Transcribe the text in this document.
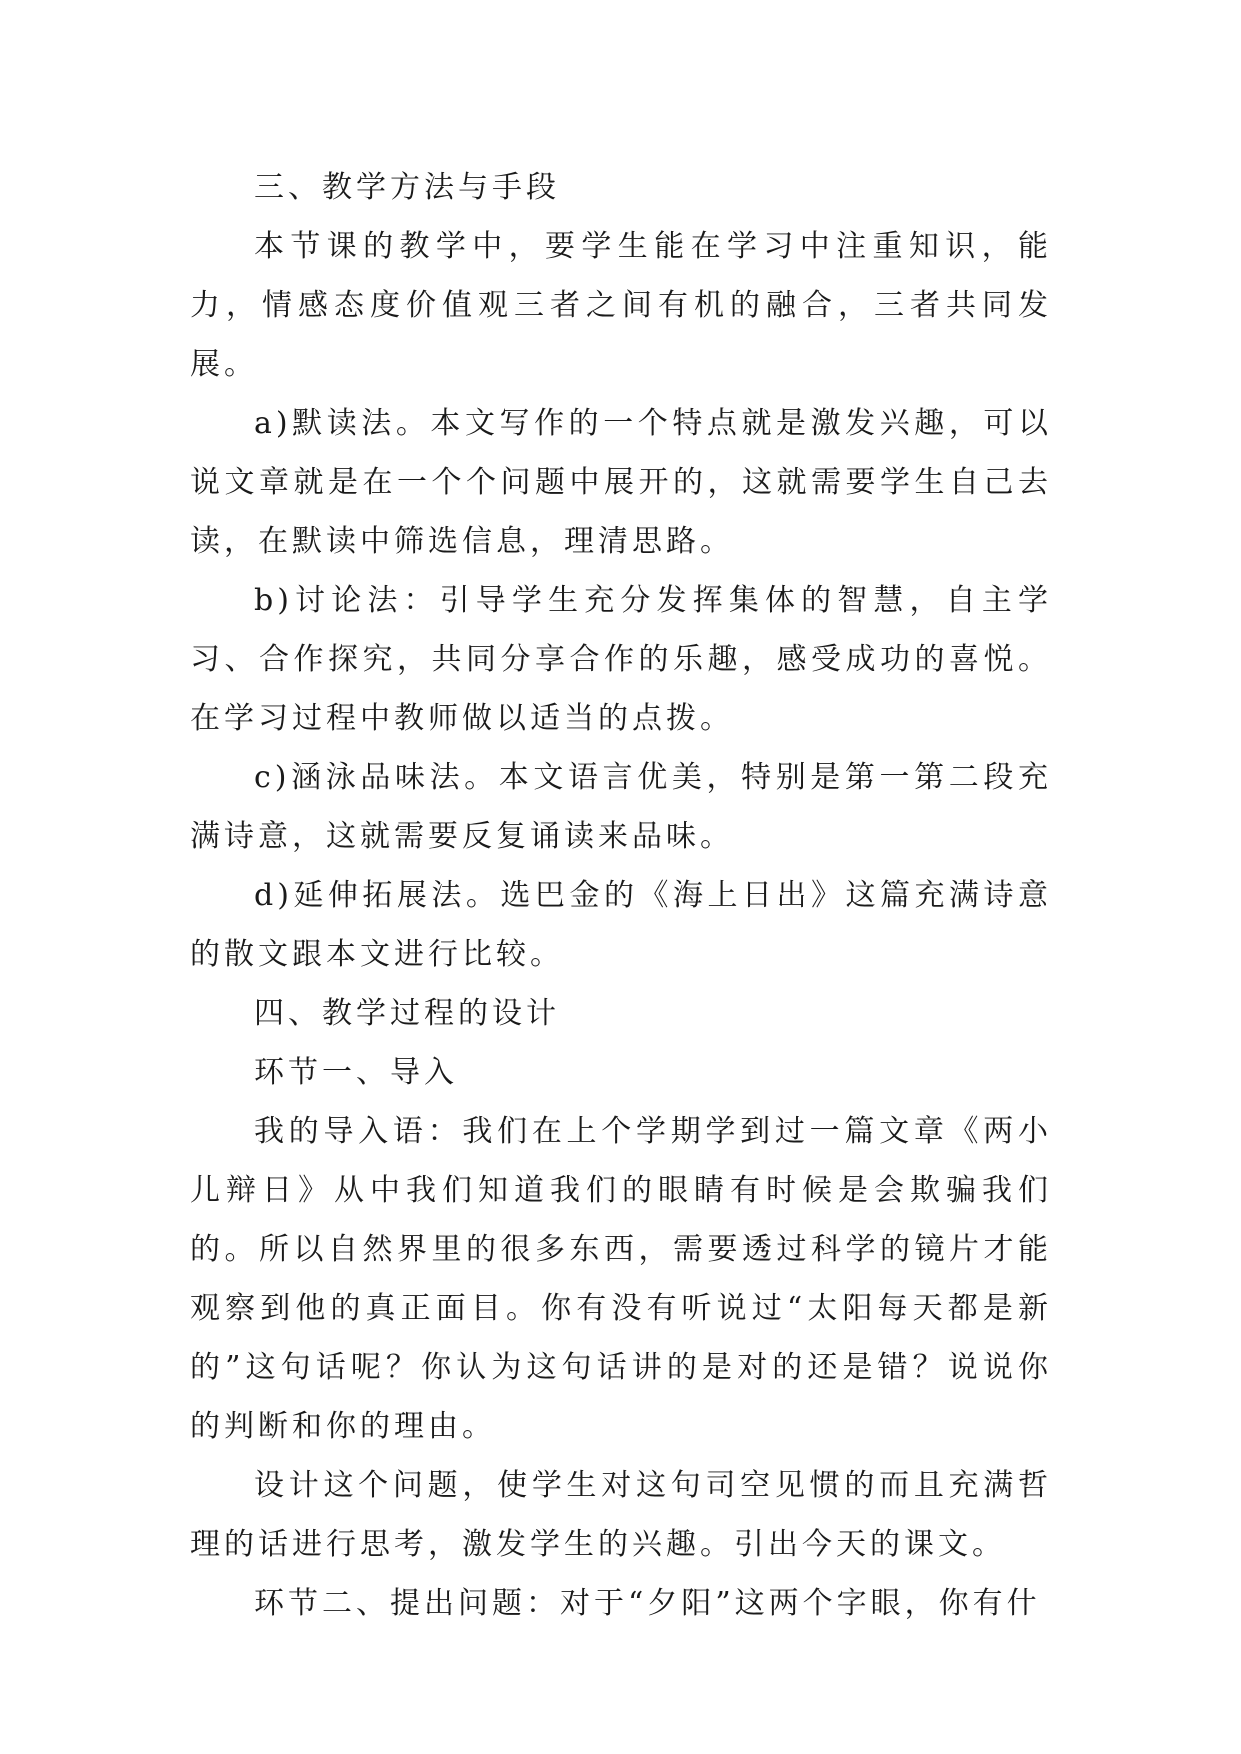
三、教学方法与手段

本节课的教学中，要学生能在学习中注重知识，能力，情感态度价值观三者之间有机的融合，三者共同发展。

a)默读法。本文写作的一个特点就是激发兴趣，可以说文章就是在一个个问题中展开的，这就需要学生自己去读，在默读中筛选信息，理清思路。

b)讨论法：引导学生充分发挥集体的智慧，自主学习、合作探究，共同分享合作的乐趣，感受成功的喜悦。在学习过程中教师做以适当的点拨。

c)涵泳品味法。本文语言优美，特别是第一第二段充满诗意，这就需要反复诵读来品味。

d)延伸拓展法。选巴金的《海上日出》这篇充满诗意的散文跟本文进行比较。

四、教学过程的设计

环节一、导入

我的导入语：我们在上个学期学到过一篇文章《两小儿辩日》从中我们知道我们的眼睛有时候是会欺骗我们的。所以自然界里的很多东西，需要透过科学的镜片才能观察到他的真正面目。你有没有听说过“太阳每天都是新的”这句话呢？你认为这句话讲的是对的还是错？说说你的判断和你的理由。

设计这个问题，使学生对这句司空见惯的而且充满哲理的话进行思考，激发学生的兴趣。引出今天的课文。

环节二、提出问题：对于“夕阳”这两个字眼，你有什
